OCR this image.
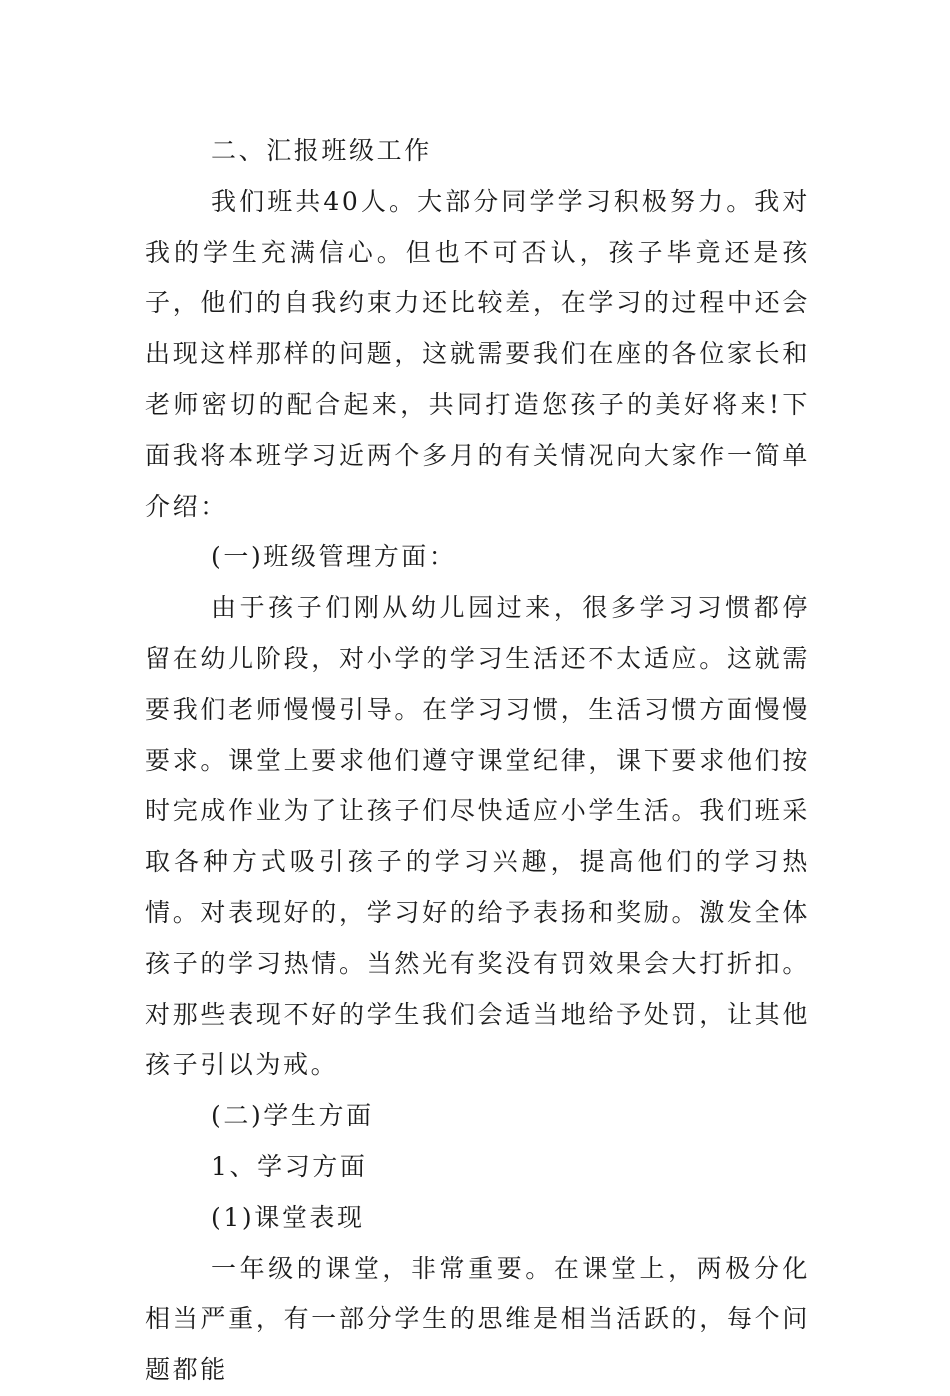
二、汇报班级工作

我们班共40人。大部分同学学习积极努力。我对我的学生充满信心。但也不可否认，孩子毕竟还是孩子，他们的自我约束力还比较差，在学习的过程中还会出现这样那样的问题，这就需要我们在座的各位家长和老师密切的配合起来，共同打造您孩子的美好将来!下面我将本班学习近两个多月的有关情况向大家作一简单介绍：

(一)班级管理方面：

由于孩子们刚从幼儿园过来，很多学习习惯都停留在幼儿阶段，对小学的学习生活还不太适应。这就需要我们老师慢慢引导。在学习习惯，生活习惯方面慢慢要求。课堂上要求他们遵守课堂纪律，课下要求他们按时完成作业为了让孩子们尽快适应小学生活。我们班采取各种方式吸引孩子的学习兴趣，提高他们的学习热情。对表现好的，学习好的给予表扬和奖励。激发全体孩子的学习热情。当然光有奖没有罚效果会大打折扣。对那些表现不好的学生我们会适当地给予处罚，让其他孩子引以为戒。

(二)学生方面

1、学习方面

(1)课堂表现

一年级的课堂，非常重要。在课堂上，两极分化相当严重，有一部分学生的思维是相当活跃的，每个问题都能
